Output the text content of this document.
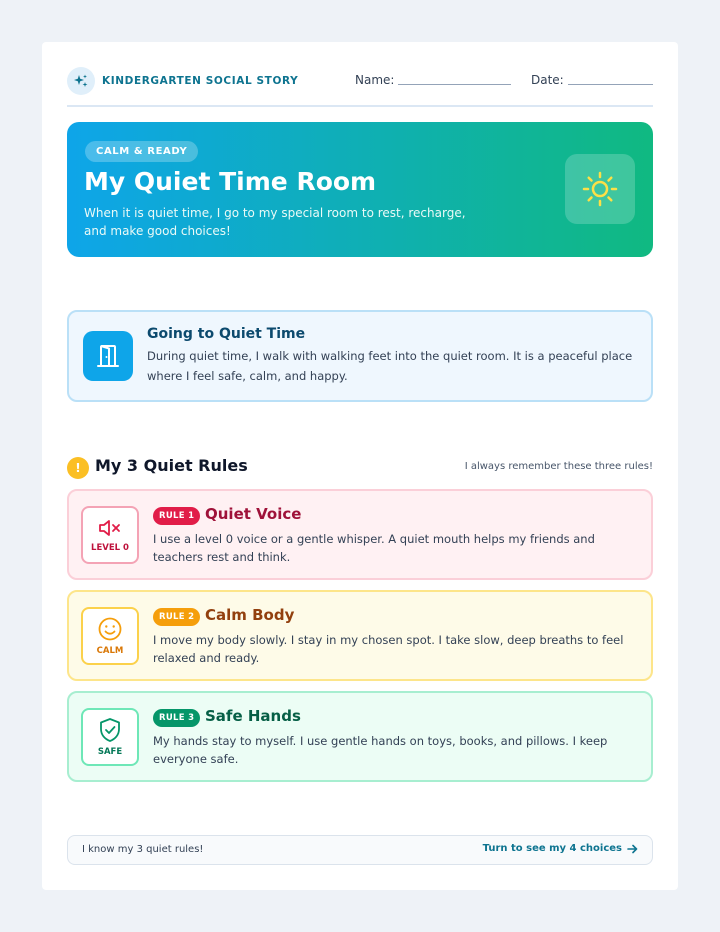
KINDERGARTEN SOCIAL STORY	Name:	Date:
CALM & READY
My Quiet Time Room
When it is quiet time, I go to my special room to rest, recharge, and make good choices!
Going to Quiet Time
During quiet time, I walk with walking feet into the quiet room. It is a peaceful place where I feel safe, calm, and happy.
! My 3 Quiet Rules	I always remember these three rules!
LEVEL 0
RULE 1 Quiet Voice
I use a level 0 voice or a gentle whisper. A quiet mouth helps my friends and teachers rest and think.
CALM
RULE 2 Calm Body
I move my body slowly. I stay in my chosen spot. I take slow, deep breaths to feel relaxed and ready.
SAFE
RULE 3 Safe Hands
My hands stay to myself. I use gentle hands on toys, books, and pillows. I keep everyone safe.
I know my 3 quiet rules!	Turn to see my 4 choices
